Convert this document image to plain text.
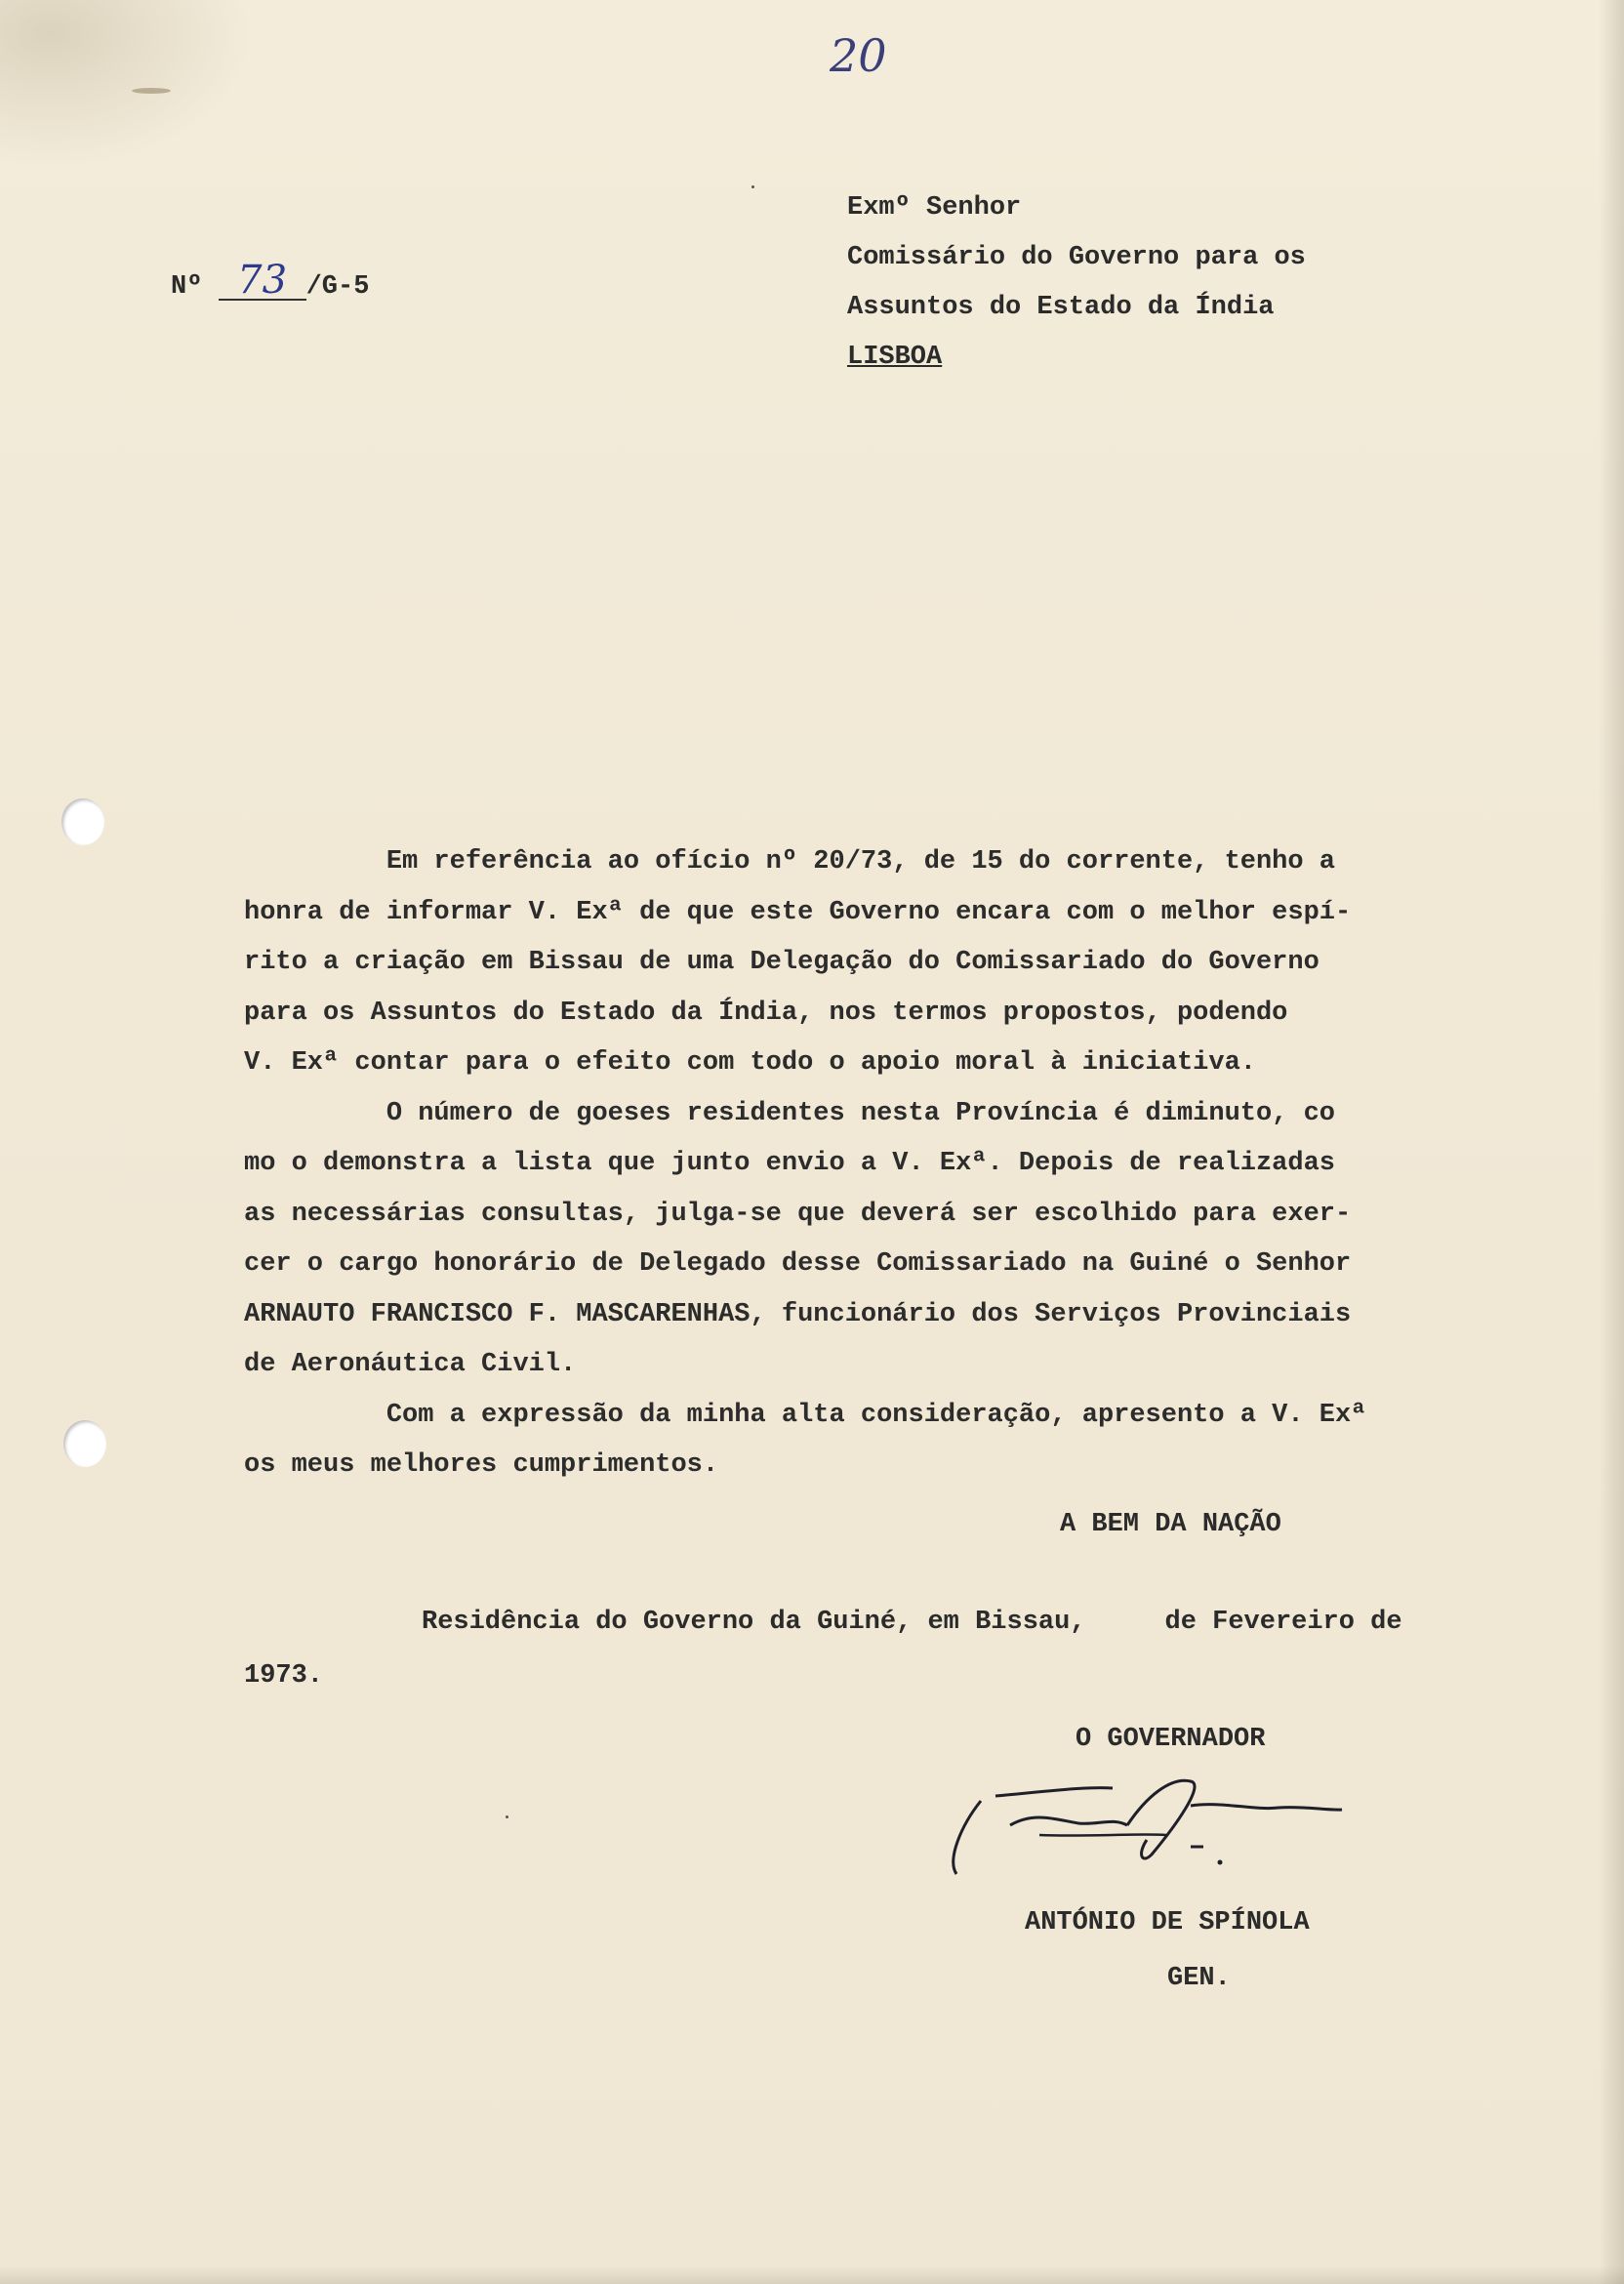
20
Nº 73 /G-5
Exmº Senhor
Comissário do Governo para os
Assuntos do Estado da Índia
LISBOA

Em referência ao ofício nº 20/73, de 15 do corrente, tenho a

honra de informar V. Exª de que este Governo encara com o melhor espí-

rito a criação em Bissau de uma Delegação do Comissariado do Governo

para os Assuntos do Estado da Índia, nos termos propostos, podendo

V. Exª contar para o efeito com todo o apoio moral à iniciativa.

O número de goeses residentes nesta Província é diminuto, co

mo o demonstra a lista que junto envio a V. Exª. Depois de realizadas

as necessárias consultas, julga-se que deverá ser escolhido para exer-

cer o cargo honorário de Delegado desse Comissariado na Guiné o Senhor

ARNAUTO FRANCISCO F. MASCARENHAS, funcionário dos Serviços Provinciais

de Aeronáutica Civil.

Com a expressão da minha alta consideração, apresento a V. Exª

os meus melhores cumprimentos.

A BEM DA NAÇÃO
Residência do Governo da Guiné, em Bissau,     de Fevereiro de
1973.
O GOVERNADOR
ANTÓNIO DE SPÍNOLA
GEN.
